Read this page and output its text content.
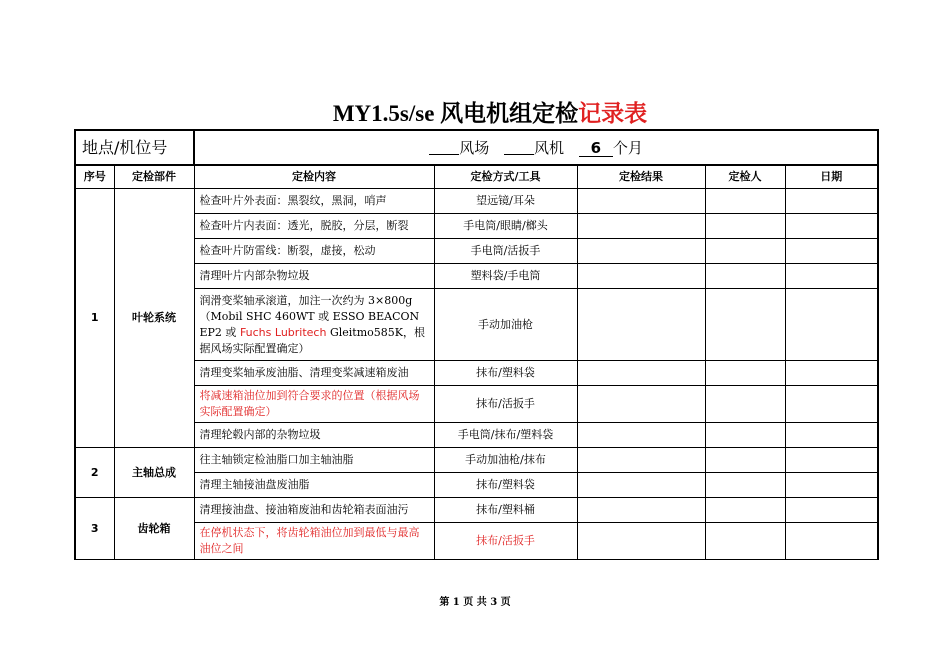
MY1.5s/se 风电机组定检记录表
地点/机位号		风场 风机 6 个月				
序号	定检部件	定检内容	定检方式/工具	定检结果	定检人	日期
1	叶轮系统	检查叶片外表面：黑裂纹，黑洞，哨声	望远镜/耳朵			
		检查叶片内表面：透光，脱胶，分层，断裂	手电筒/眼睛/榔头			
		检查叶片防雷线：断裂，虚接，松动	手电筒/活扳手			
		清理叶片内部杂物垃圾	塑料袋/手电筒			
		润滑变桨轴承滚道，加注一次约为 3×800g（Mobil SHC 460WT 或 ESSO BEACON EP2 或 Fuchs Lubritech Gleitmo585K，根据风场实际配置确定）	手动加油枪			
		清理变桨轴承废油脂、清理变桨减速箱废油	抹布/塑料袋			
		将减速箱油位加到符合要求的位置（根据风场实际配置确定）	抹布/活扳手			
		清理轮毂内部的杂物垃圾	手电筒/抹布/塑料袋			
2	主轴总成	往主轴锁定检油脂口加主轴油脂	手动加油枪/抹布			
		清理主轴接油盘废油脂	抹布/塑料袋			
3	齿轮箱	清理接油盘、接油箱废油和齿轮箱表面油污	抹布/塑料桶			
		在停机状态下，将齿轮箱油位加到最低与最高油位之间	抹布/活扳手			
第 1 页 共 3 页
